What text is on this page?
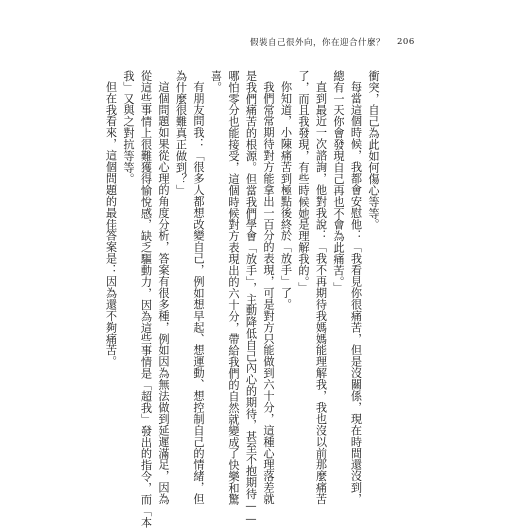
假裝自己很外向，你在迎合什麼？ 206

衝突，自己為此如何傷心等等。

每當這個時候，我都會安慰他：「我看見你很痛苦，但是沒關係，現在時間還沒到，

總有一天你會發現自己再也不會為此痛苦。」

直到最近一次諮詢，他對我說：「我不再期待我媽媽能理解我，我也沒以前那麼痛苦

了，而且我發現，有些時候她是理解我的。」

你知道，小陳痛苦到極點後終於「放手」了。

我們常常期待對方能拿出一百分的表現，可是對方只能做到六十分，這種心理落差就

是我們痛苦的根源。但當我們學會「放手」，主動降低自己內心的期待，甚至不抱期待——

哪怕零分也能接受，這個時候對方表現出的六十分，帶給我們的自然就變成了快樂和驚

喜。

有朋友問我：「很多人都想改變自己，例如想早起、想運動、想控制自己的情緒，但

為什麼很難真正做到？」

這個問題如果從心理的角度分析，答案有很多種，例如因為無法做到延遲滿足，因為

從這些事情上很難獲得愉悅感，缺乏驅動力，因為這些事情是「超我」發出的指令，而「本

我」又與之對抗等等。

但在我看來，這個問題的最佳答案是：因為還不夠痛苦。
